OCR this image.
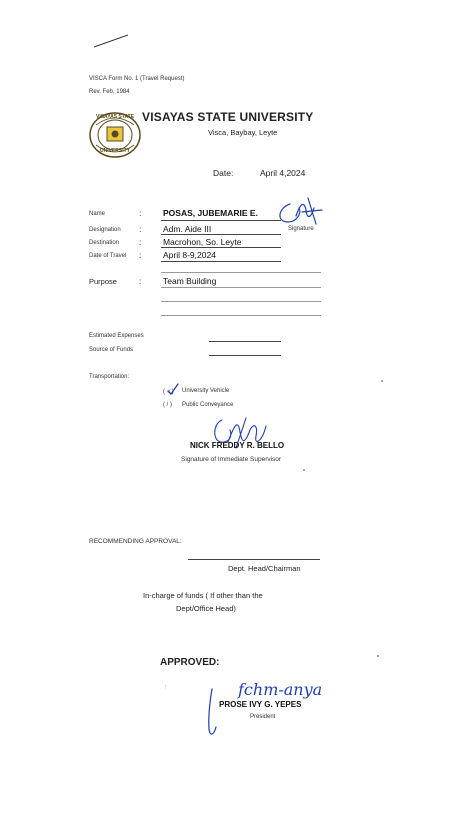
VISCA Form No. 1 (Travel Request)
Rev. Feb. 1984
VISAYAS STATE
UNIVERSITY
VISAYAS STATE UNIVERSITY
Visca, Baybay, Leyte
Date:	April 4,2024
Name	:	POSAS, JUBEMARIE E.
Signature
Designation :	Adm. Aide III
Destination :	Macrohon, So. Leyte
Date of Travel :	April 8-9,2024
Purpose	:	Team Building
Estimated Expenses
Source of Funds
Transportation:
( ✓) University Vehicle
( / ) Public Conveyance
NICK FREDDY R. BELLO
Signature of Immediate Supervisor
RECOMMENDING APPROVAL:
Dept. Head/Chairman
In-charge of funds ( If other than the
Dept/Office Head)
APPROVED:
fchm-anya
PROSE IVY G. YEPES
President
↑
